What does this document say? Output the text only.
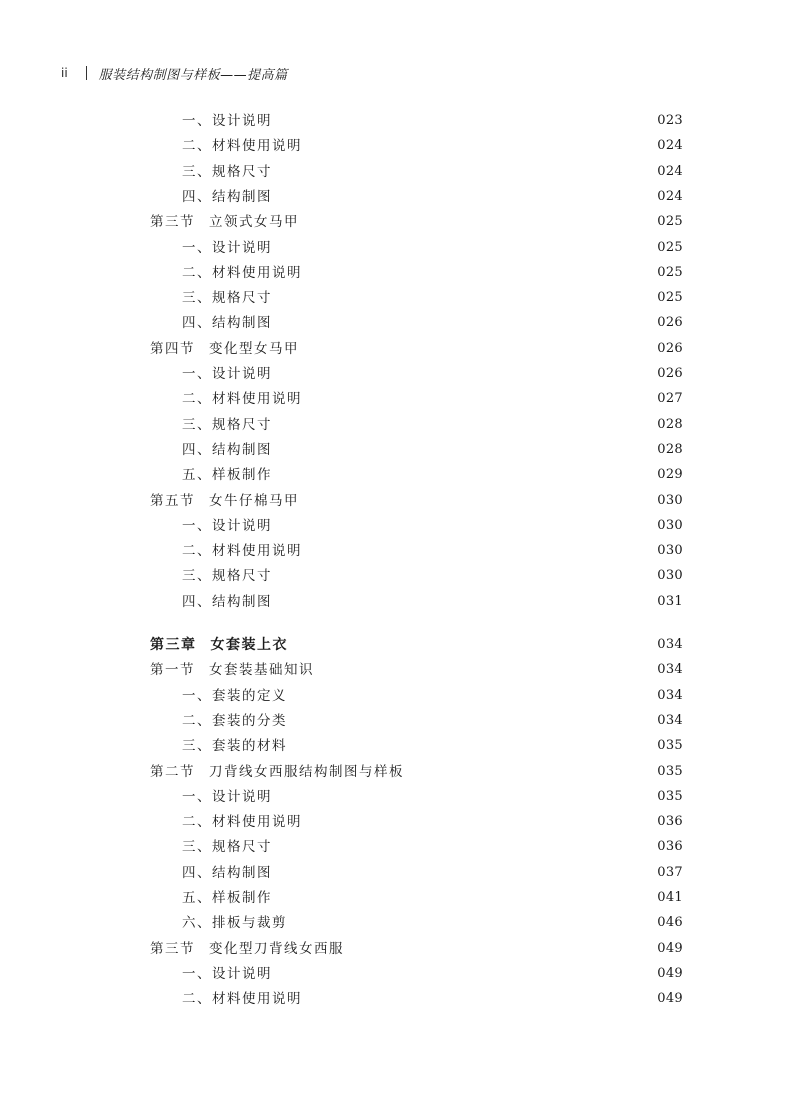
ii 服装结构制图与样板——提高篇
一、设计说明	023
二、材料使用说明	024
三、规格尺寸	024
四、结构制图	024
第三节 立领式女马甲	025
一、设计说明	025
二、材料使用说明	025
三、规格尺寸	025
四、结构制图	026
第四节 变化型女马甲	026
一、设计说明	026
二、材料使用说明	027
三、规格尺寸	028
四、结构制图	028
五、样板制作	029
第五节 女牛仔棉马甲	030
一、设计说明	030
二、材料使用说明	030
三、规格尺寸	030
四、结构制图	031
第三章 女套装上衣	034
第一节 女套装基础知识	034
一、套装的定义	034
二、套装的分类	034
三、套装的材料	035
第二节 刀背线女西服结构制图与样板	035
一、设计说明	035
二、材料使用说明	036
三、规格尺寸	036
四、结构制图	037
五、样板制作	041
六、排板与裁剪	046
第三节 变化型刀背线女西服	049
一、设计说明	049
二、材料使用说明	049
